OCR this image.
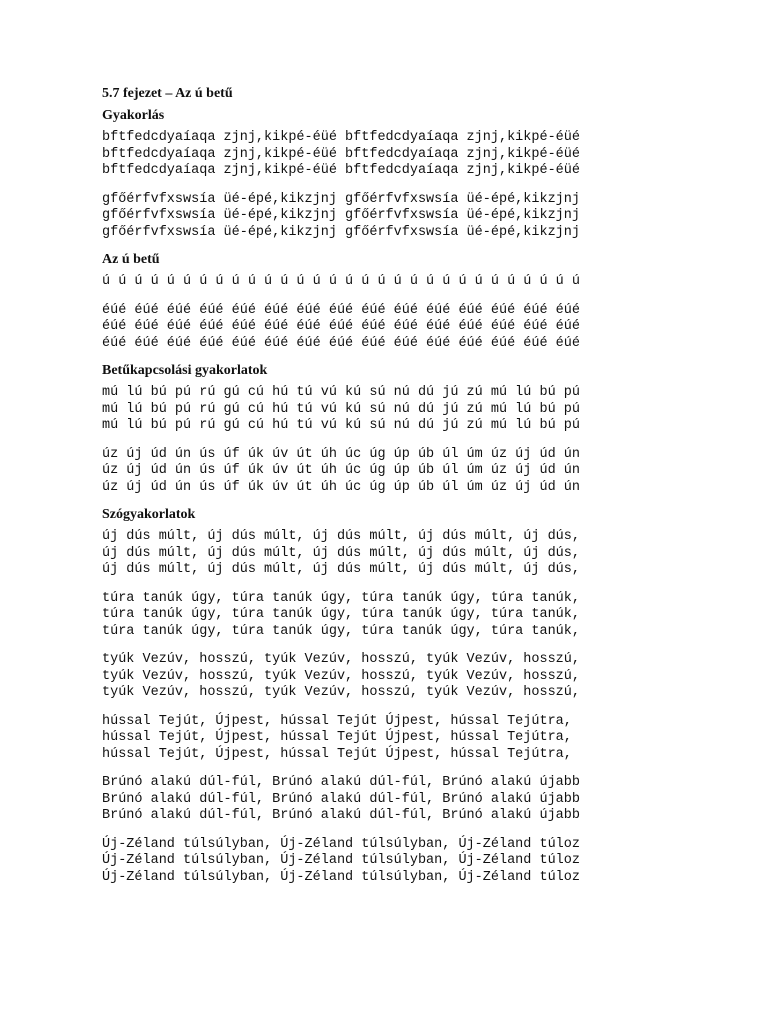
5.7 fejezet – Az ú betű
Gyakorlás
bftfedcdyaíaqa zjnj,kikpé-éüé bftfedcdyaíaqa zjnj,kikpé-éüé
bftfedcdyaíaqa zjnj,kikpé-éüé bftfedcdyaíaqa zjnj,kikpé-éüé
bftfedcdyaíaqa zjnj,kikpé-éüé bftfedcdyaíaqa zjnj,kikpé-éüé
gfőérfvfxswsía üé-épé,kikzjnj gfőérfvfxswsía üé-épé,kikzjnj
gfőérfvfxswsía üé-épé,kikzjnj gfőérfvfxswsía üé-épé,kikzjnj
gfőérfvfxswsía üé-épé,kikzjnj gfőérfvfxswsía üé-épé,kikzjnj
Az ú betű
ú ú ú ú ú ú ú ú ú ú ú ú ú ú ú ú ú ú ú ú ú ú ú ú ú ú ú ú ú ú
éúé éúé éúé éúé éúé éúé éúé éúé éúé éúé éúé éúé éúé éúé éúé
éúé éúé éúé éúé éúé éúé éúé éúé éúé éúé éúé éúé éúé éúé éúé
éúé éúé éúé éúé éúé éúé éúé éúé éúé éúé éúé éúé éúé éúé éúé
Betűkapcsolási gyakorlatok
mú lú bú pú rú gú cú hú tú vú kú sú nú dú jú zú mú lú bú pú
mú lú bú pú rú gú cú hú tú vú kú sú nú dú jú zú mú lú bú pú
mú lú bú pú rú gú cú hú tú vú kú sú nú dú jú zú mú lú bú pú
úz új úd ún ús úf úk úv út úh úc úg úp úb úl úm úz új úd ún
úz új úd ún ús úf úk úv út úh úc úg úp úb úl úm úz új úd ún
úz új úd ún ús úf úk úv út úh úc úg úp úb úl úm úz új úd ún
Szógyakorlatok
új dús múlt, új dús múlt, új dús múlt, új dús múlt, új dús,
új dús múlt, új dús múlt, új dús múlt, új dús múlt, új dús,
új dús múlt, új dús múlt, új dús múlt, új dús múlt, új dús,
túra tanúk úgy, túra tanúk úgy, túra tanúk úgy, túra tanúk,
túra tanúk úgy, túra tanúk úgy, túra tanúk úgy, túra tanúk,
túra tanúk úgy, túra tanúk úgy, túra tanúk úgy, túra tanúk,
tyúk Vezúv, hosszú, tyúk Vezúv, hosszú, tyúk Vezúv, hosszú,
tyúk Vezúv, hosszú, tyúk Vezúv, hosszú, tyúk Vezúv, hosszú,
tyúk Vezúv, hosszú, tyúk Vezúv, hosszú, tyúk Vezúv, hosszú,
hússal Tejút, Újpest, hússal Tejút Újpest, hússal Tejútra,
hússal Tejút, Újpest, hússal Tejút Újpest, hússal Tejútra,
hússal Tejút, Újpest, hússal Tejút Újpest, hússal Tejútra,
Brúnó alakú dúl-fúl, Brúnó alakú dúl-fúl, Brúnó alakú újabb
Brúnó alakú dúl-fúl, Brúnó alakú dúl-fúl, Brúnó alakú újabb
Brúnó alakú dúl-fúl, Brúnó alakú dúl-fúl, Brúnó alakú újabb
Új-Zéland túlsúlyban, Új-Zéland túlsúlyban, Új-Zéland túloz
Új-Zéland túlsúlyban, Új-Zéland túlsúlyban, Új-Zéland túloz
Új-Zéland túlsúlyban, Új-Zéland túlsúlyban, Új-Zéland túloz
